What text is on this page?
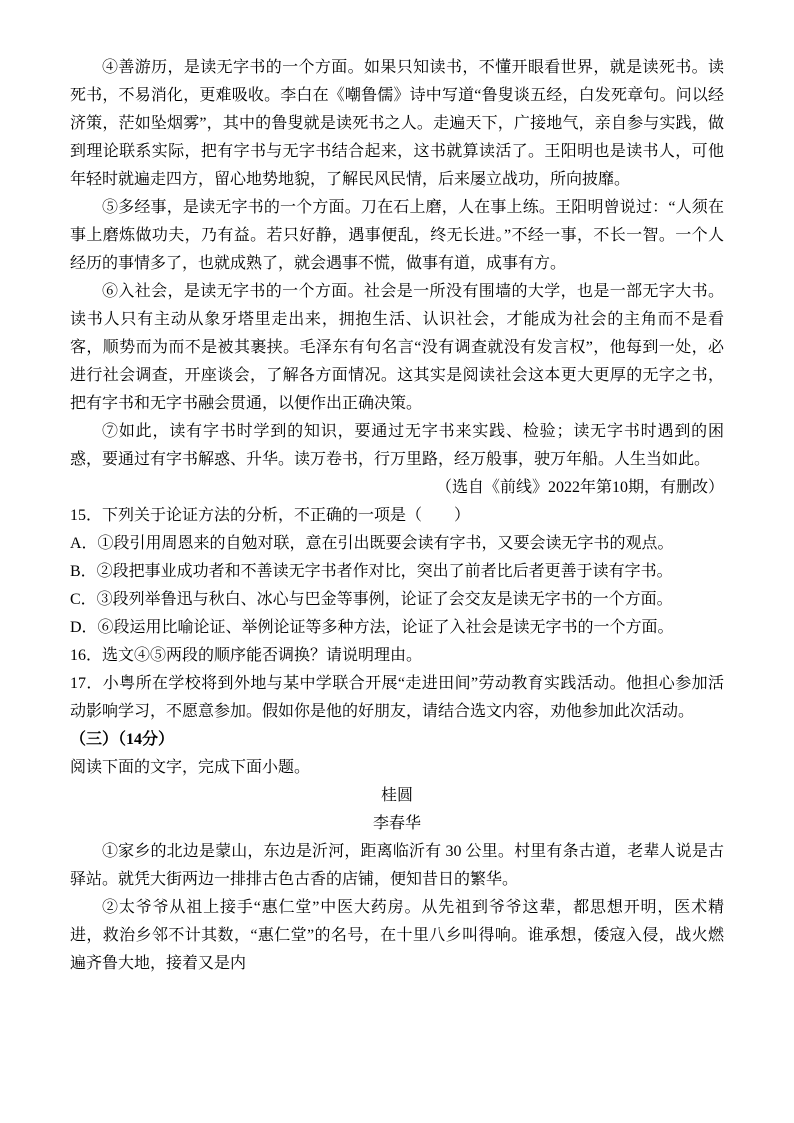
④善游历，是读无字书的一个方面。如果只知读书，不懂开眼看世界，就是读死书。读死书，不易消化，更难吸收。李白在《嘲鲁儒》诗中写道“鲁叟谈五经，白发死章句。问以经济策，茫如坠烟雾”，其中的鲁叟就是读死书之人。走遍天下，广接地气，亲自参与实践，做到理论联系实际，把有字书与无字书结合起来，这书就算读活了。王阳明也是读书人，可他年轻时就遍走四方，留心地势地貌，了解民风民情，后来屡立战功，所向披靡。

⑤多经事，是读无字书的一个方面。刀在石上磨，人在事上练。王阳明曾说过：“人须在事上磨炼做功夫，乃有益。若只好静，遇事便乱，终无长进。”不经一事，不长一智。一个人经历的事情多了，也就成熟了，就会遇事不慌，做事有道，成事有方。

⑥入社会，是读无字书的一个方面。社会是一所没有围墙的大学，也是一部无字大书。读书人只有主动从象牙塔里走出来，拥抱生活、认识社会，才能成为社会的主角而不是看客，顺势而为而不是被其裹挟。毛泽东有句名言“没有调查就没有发言权”，他每到一处，必进行社会调查，开座谈会，了解各方面情况。这其实是阅读社会这本更大更厚的无字之书，把有字书和无字书融会贯通，以便作出正确决策。

⑦如此，读有字书时学到的知识，要通过无字书来实践、检验；读无字书时遇到的困惑，要通过有字书解惑、升华。读万卷书，行万里路，经万般事，驶万年船。人生当如此。

（选自《前线》2022年第10期，有删改）

15．下列关于论证方法的分析，不正确的一项是（　　）

A．①段引用周恩来的自勉对联，意在引出既要会读有字书，又要会读无字书的观点。

B．②段把事业成功者和不善读无字书者作对比，突出了前者比后者更善于读有字书。

C．③段列举鲁迅与秋白、冰心与巴金等事例，论证了会交友是读无字书的一个方面。

D．⑥段运用比喻论证、举例论证等多种方法，论证了入社会是读无字书的一个方面。

16．选文④⑤两段的顺序能否调换？请说明理由。

17．小粤所在学校将到外地与某中学联合开展“走进田间”劳动教育实践活动。他担心参加活动影响学习，不愿意参加。假如你是他的好朋友，请结合选文内容，劝他参加此次活动。

（三）（14分）

阅读下面的文字，完成下面小题。

桂圆

李春华

①家乡的北边是蒙山，东边是沂河，距离临沂有 30 公里。村里有条古道，老辈人说是古驿站。就凭大街两边一排排古色古香的店铺，便知昔日的繁华。

②太爷爷从祖上接手“惠仁堂”中医大药房。从先祖到爷爷这辈，都思想开明，医术精进，救治乡邻不计其数，“惠仁堂”的名号，在十里八乡叫得响。谁承想，倭寇入侵，战火燃遍齐鲁大地，接着又是内
